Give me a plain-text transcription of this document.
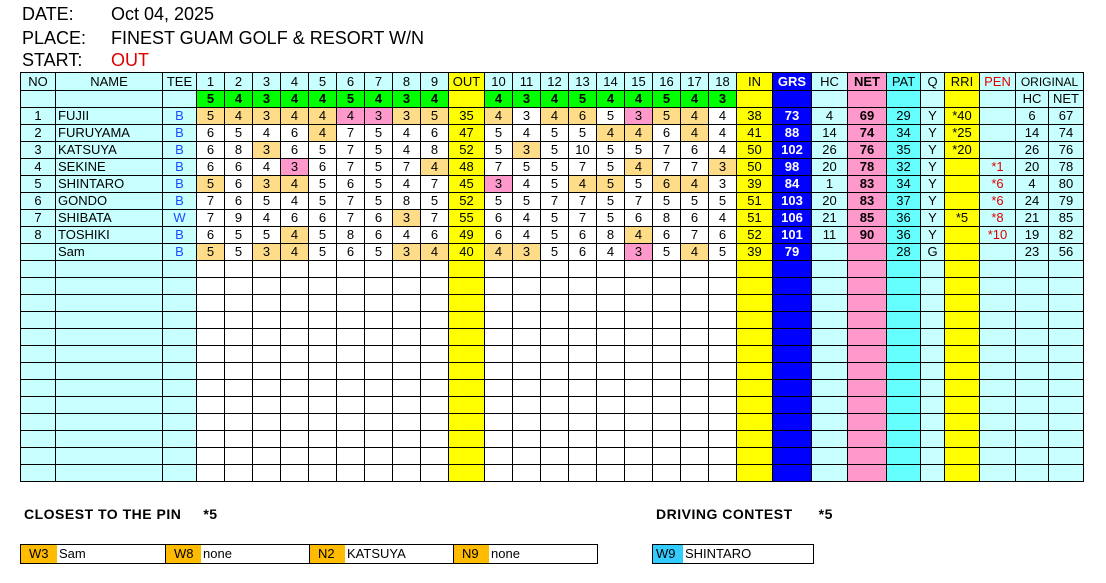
DATE: Oct 04, 2025
PLACE: FINEST GUAM GOLF & RESORT W/N
START: OUT
NO	NAME	TEE	1	2	3	4	5	6	7	8	9	OUT	10	11	12	13	14	15	16	17	18	IN	GRS	HC	NET	PAT	Q	RRI	PEN	ORIGINAL	
			5	4	3	4	4	5	4	3	4		4	3	4	5	4	4	5	4	3									HC	NET
1	FUJII	B	5	4	3	4	4	4	3	3	5	35	4	3	4	6	5	3	5	4	4	38	73	4	69	29	Y	*40		6	67
2	FURUYAMA	B	6	5	4	6	4	7	5	4	6	47	5	4	5	5	4	4	6	4	4	41	88	14	74	34	Y	*25		14	74
3	KATSUYA	B	6	8	3	6	5	7	5	4	8	52	5	3	5	10	5	5	7	6	4	50	102	26	76	35	Y	*20		26	76
4	SEKINE	B	6	6	4	3	6	7	5	7	4	48	7	5	5	7	5	4	7	7	3	50	98	20	78	32	Y		*1	20	78
5	SHINTARO	B	5	6	3	4	5	6	5	4	7	45	3	4	5	4	5	5	6	4	3	39	84	1	83	34	Y		*6	4	80
6	GONDO	B	7	6	5	4	5	7	5	8	5	52	5	5	7	7	5	7	5	5	5	51	103	20	83	37	Y		*6	24	79
7	SHIBATA	W	7	9	4	6	6	7	6	3	7	55	6	4	5	7	5	6	8	6	4	51	106	21	85	36	Y	*5	*8	21	85
8	TOSHIKI	B	6	5	5	4	5	8	6	4	6	49	6	4	5	6	8	4	6	7	6	52	101	11	90	36	Y		*10	19	82
	Sam	B	5	5	3	4	5	6	5	3	4	40	4	3	5	6	4	3	5	4	5	39	79			28	G			23	56

CLOSEST TO THE PIN *5	DRIVING CONTEST *5
W3 Sam	W8 none	N2 KATSUYA	N9 none	W9 SHINTARO
